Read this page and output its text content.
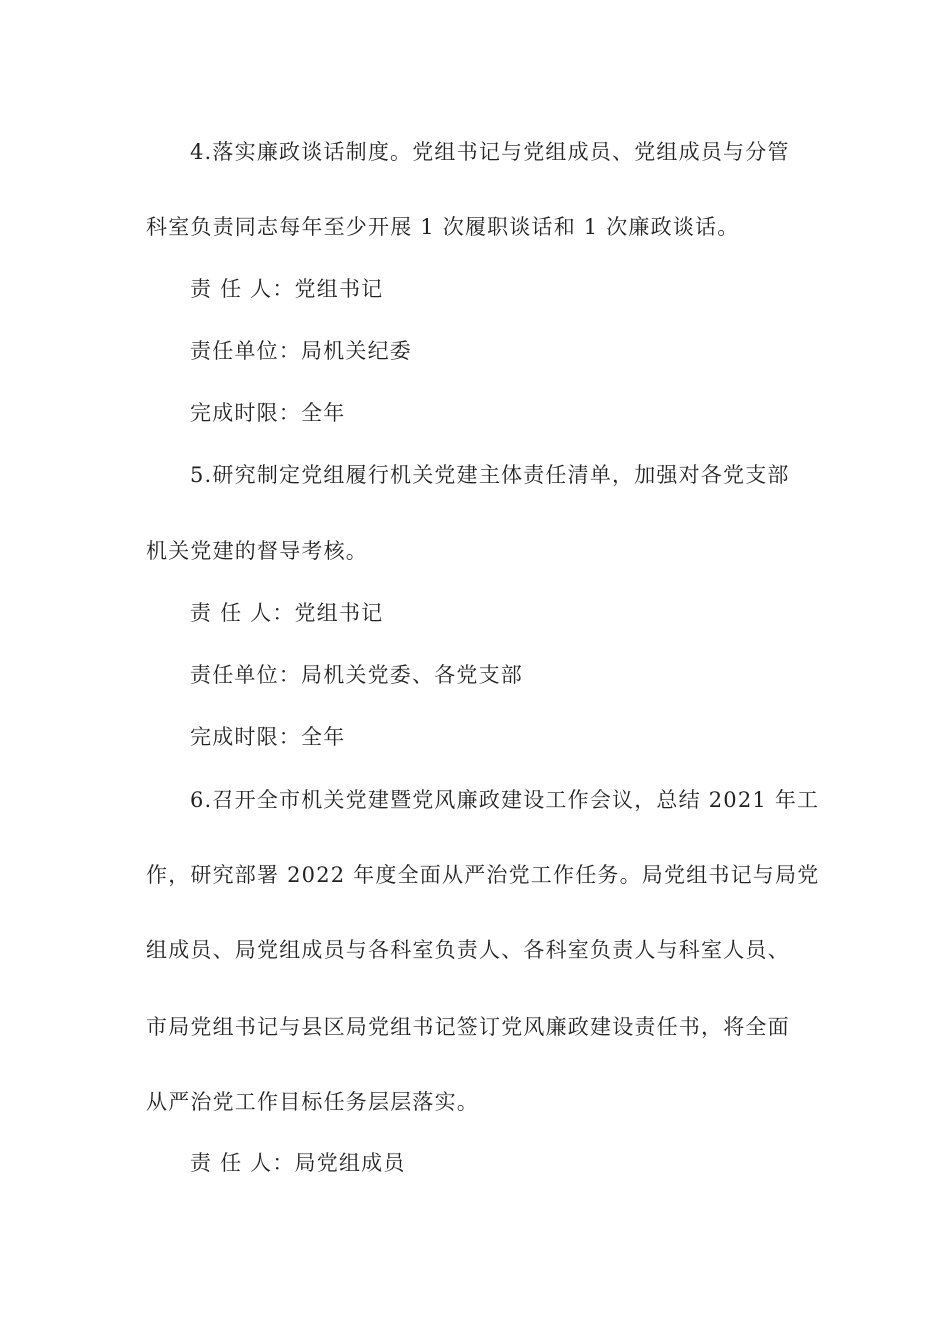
4.落实廉政谈话制度。党组书记与党组成员、党组成员与分管
科室负责同志每年至少开展 1 次履职谈话和 1 次廉政谈话。
责 任 人：党组书记
责任单位：局机关纪委
完成时限：全年
5.研究制定党组履行机关党建主体责任清单，加强对各党支部
机关党建的督导考核。
责 任 人：党组书记
责任单位：局机关党委、各党支部
完成时限：全年
6.召开全市机关党建暨党风廉政建设工作会议，总结 2021 年工
作，研究部署 2022 年度全面从严治党工作任务。局党组书记与局党
组成员、局党组成员与各科室负责人、各科室负责人与科室人员、
市局党组书记与县区局党组书记签订党风廉政建设责任书，将全面
从严治党工作目标任务层层落实。
责 任 人：局党组成员
